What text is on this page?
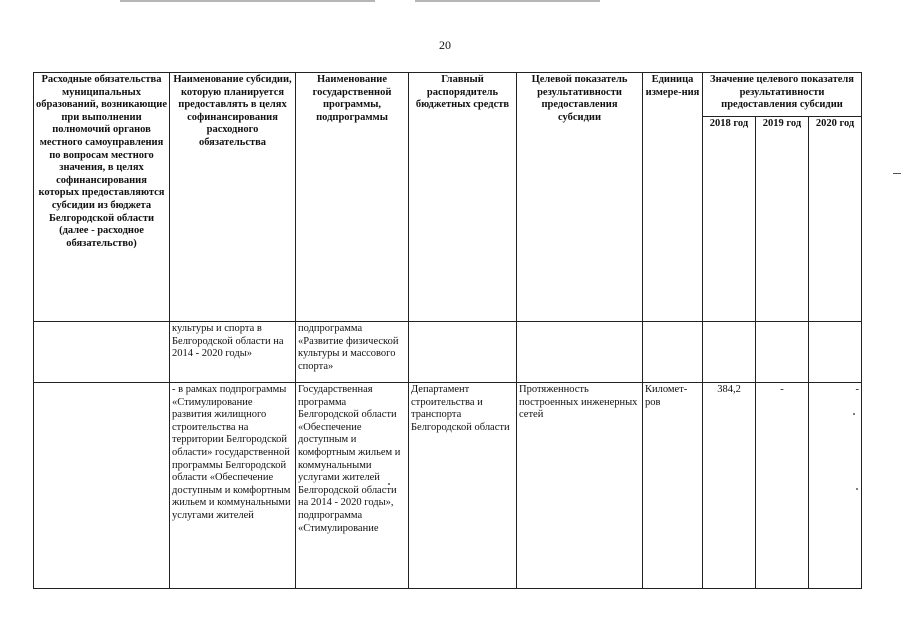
20
Расходные обязательства муниципальных образований, возникающие при выполнении полномочий органов местного самоуправления по вопросам местного значения, в целях софинансирования которых предоставляются субсидии из бюджета Белгородской области (далее - расходное обязательство)	Наименование субсидии, которую планируется предоставлять в целях софинансирования расходного обязательства	Наименование государственной программы, подпрограммы	Главный распорядитель бюджетных средств	Целевой показатель результативности предоставления субсидии	Единица измере-ния	Значение целевого показателя результативности предоставления субсидии		
						2018 год	2019 год	2020 год
	культуры и спорта в Белгородской области на 2014 - 2020 годы»	подпрограмма «Развитие физической культуры и массового спорта»						
	- в рамках подпрограммы «Стимулирование развития жилищного строительства на территории Белгородской области» государственной программы Белгородской области «Обеспечение доступным и комфортным жильем и коммунальными услугами жителей	Государственная программа Белгородской области «Обеспечение доступным и комфортным жильем и коммунальными услугами жителей Белгородской области на 2014 - 2020 годы», подпрограмма «Стимулирование	Департамент строительства и транспорта Белгородской области	Протяженность построенных инженерных сетей	Километ-ров	384,2	-	-
